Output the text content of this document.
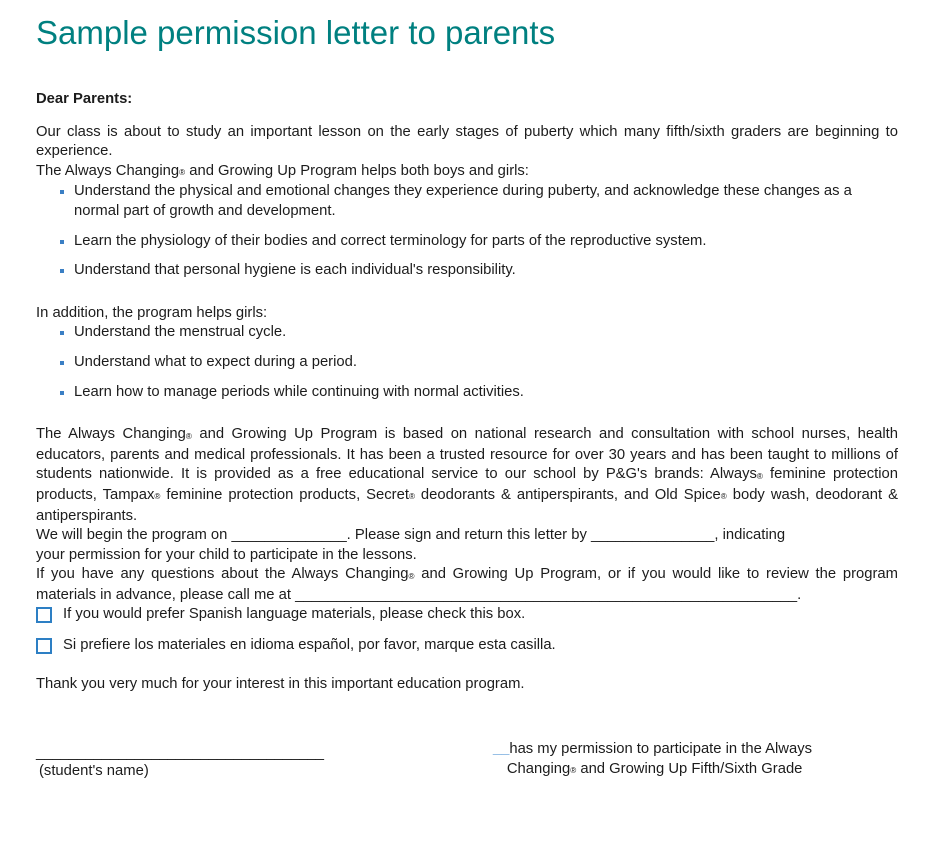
Sample permission letter to parents

Dear Parents:

Our class is about to study an important lesson on the early stages of puberty which many fifth/sixth graders are beginning to experience.

The Always Changing® and Growing Up Program helps both boys and girls:

Understand the physical and emotional changes they experience during puberty, and acknowledge these changes as a normal part of growth and development.
Learn the physiology of their bodies and correct terminology for parts of the reproductive system.
Understand that personal hygiene is each individual's responsibility.

In addition, the program helps girls:

Understand the menstrual cycle.
Understand what to expect during a period.
Learn how to manage periods while continuing with normal activities.

The Always Changing® and Growing Up Program is based on national research and consultation with school nurses, health educators, parents and medical professionals. It has been a trusted resource for over 30 years and has been taught to millions of students nationwide. It is provided as a free educational service to our school by P&G's brands: Always® feminine protection products, Tampax® feminine protection products, Secret® deodorants & antiperspirants, and Old Spice® body wash, deodorant & antiperspirants.

We will begin the program on ______________. Please sign and return this letter by _______________, indicating
your permission for your child to participate in the lessons.

If you have any questions about the Always Changing® and Growing Up Program, or if you would like to review the program materials in advance, please call me at _____________________________________________________________.

If you would prefer Spanish language materials, please check this box.
Si prefiere los materiales en idioma español, por favor, marque esta casilla.

Thank you very much for your interest in this important education program.

___________________________________
(student's name)
__has my permission to participate in the Always
Changing® and Growing Up Fifth/Sixth Grade
